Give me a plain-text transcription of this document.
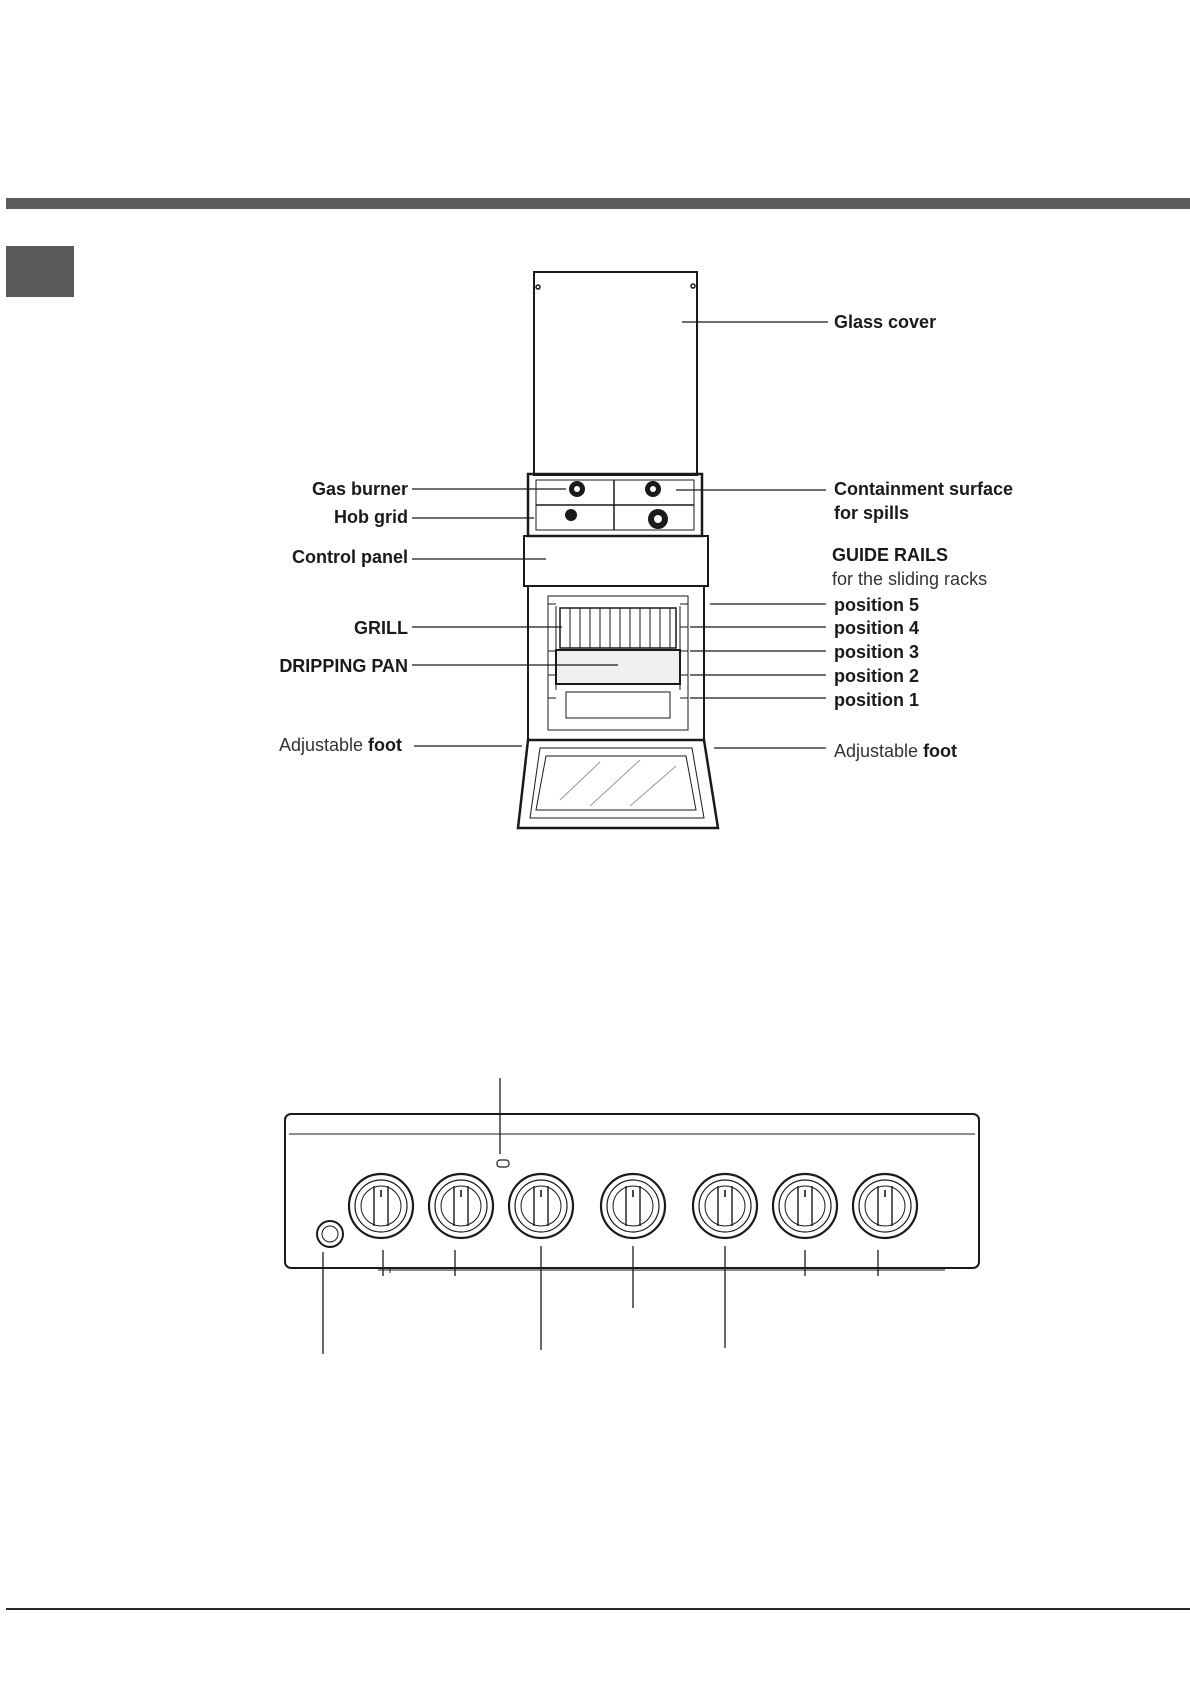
Glass cover
Gas burner
Hob grid
Control panel
Containment surface
for spills
GUIDE RAILS
for the sliding racks
position 5
position 4
position 3
position 2
position 1
GRILL
DRIPPING PAN
Adjustable foot	Adjustable foot
